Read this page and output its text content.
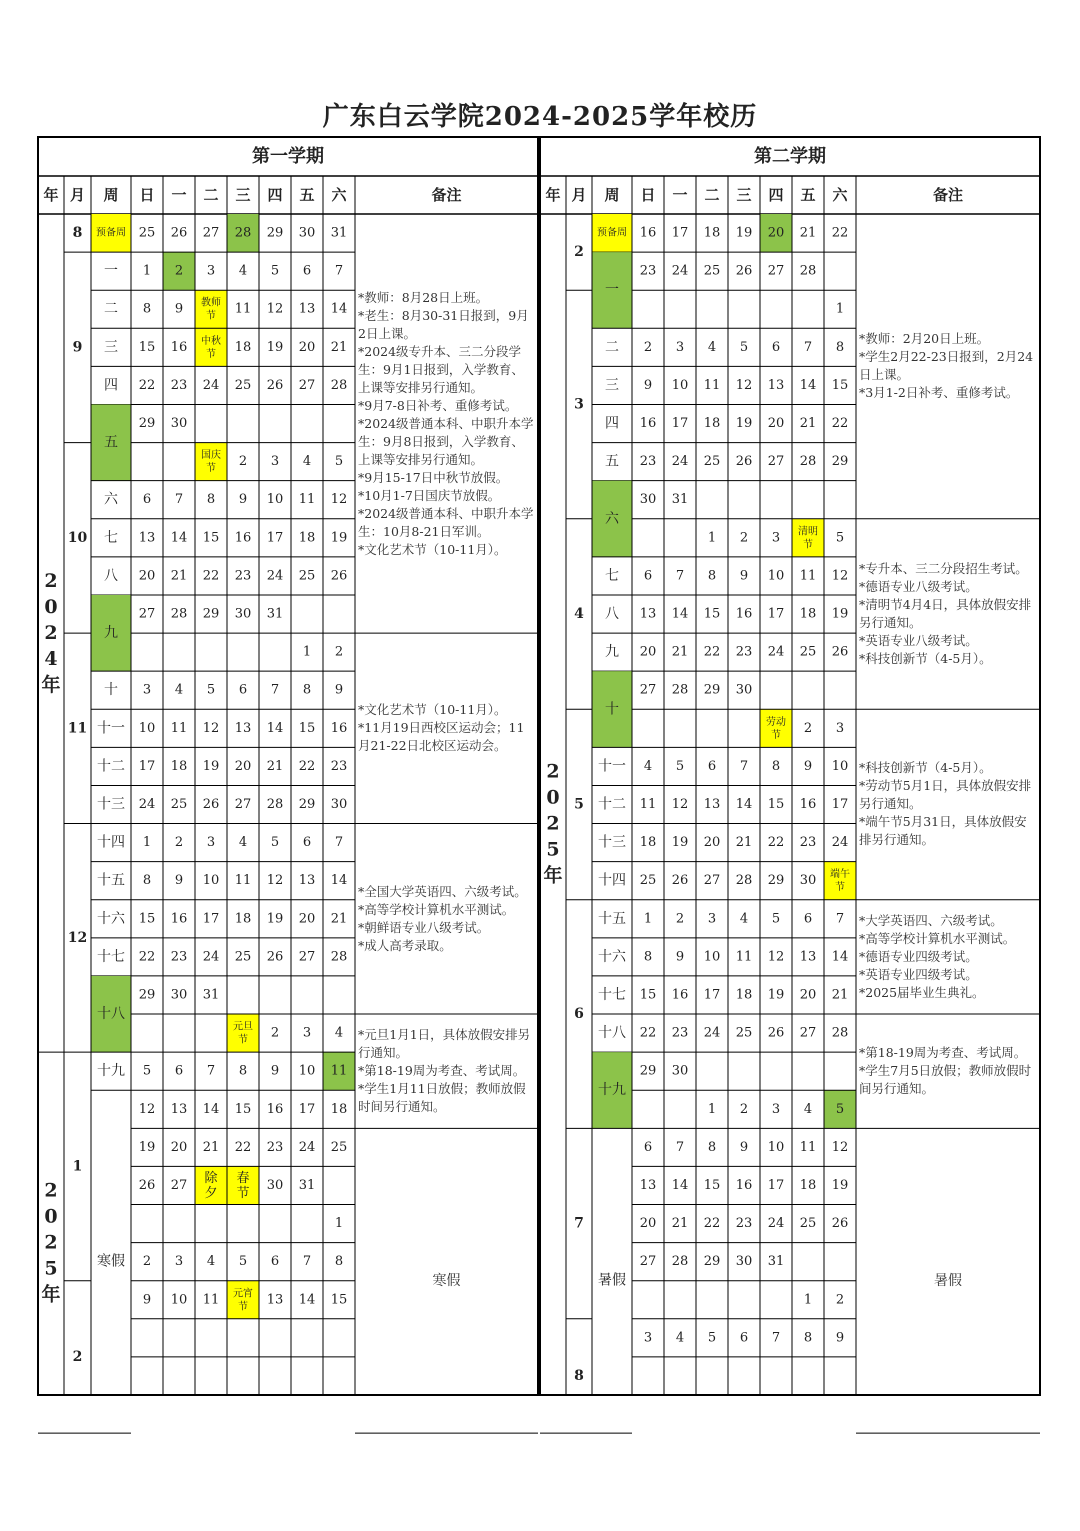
广东白云学院2024-2025学年校历
第一学期
年 月 周 日 一 二 三 四 五 六	备注
2
0
2
4
年
2
0
2
5
年
8
9
10
11
12
1
2
预备周
一
二
三
四
五
六
七
八
九
十
十一
十二
十三
十四
十五
十六
十七
十八
十九
寒假
25 26 27 28 29 30 31
1 2 3 4 5 6 7
8 9 教师
节 11 12 13 14
15 16 中秋
节 18 19 20 21
22 23 24 25 26 27 28
29 30
国庆
节 2 3 4 5
6 7 8 9 10 11 12
13 14 15 16 17 18 19
20 21 22 23 24 25 26
27 28 29 30 31
1 2
3 4 5 6 7 8 9
10 11 12 13 14 15 16
17 18 19 20 21 22 23
24 25 26 27 28 29 30
1 2 3 4 5 6 7
8 9 10 11 12 13 14
15 16 17 18 19 20 21
22 23 24 25 26 27 28
29 30 31
元旦
节 2 3 4
5 6 7 8 9 10 11
12 13 14 15 16 17 18
19 20 21 22 23 24 25
26 27 除
夕
春
节
30 31
1
2 3 4 5 6 7 8
9 10 11 元宵
节 13 14 15
第二学期
年 月 周 日 一 二 三 四 五 六	备注
2
0
2
5
年
2
3
4
5
6
7
8
预备周
一
二
三
四
五
六
七
八
九
十
十一
十二
十三
十四
十五
十六
十七
十八
十九
暑假
16 17 18 19 20 21 22
23 24 25 26 27 28
1
2 3 4 5 6 7 8
9 10 11 12 13 14 15
16 17 18 19 20 21 22
23 24 25 26 27 28 29
30 31
1 2 3 清明
节 5
6 7 8 9 10 11 12
13 14 15 16 17 18 19
20 21 22 23 24 25 26
27 28 29 30
劳动
节 2 3
4 5 6 7 8 9 10
11 12 13 14 15 16 17
18 19 20 21 22 23 24
25 26 27 28 29 30 端午
节
1 2 3 4 5 6 7
8 9 10 11 12 13 14
15 16 17 18 19 20 21
22 23 24 25 26 27 28
29 30
1 2 3 4 5
6 7 8 9 10 11 12
13 14 15 16 17 18 19
20 21 22 23 24 25 26
27 28 29 30 31
1 2
3 4 5 6 7 8 9
*教师：8月28日上班。
*老生：8月30-31日报到，9月2日上课。
*2024级专升本、三二分段学生：9月1日报到，入学教育、上课等安排另行通知。
*9月7-8日补考、重修考试。
*2024级普通本科、中职升本学生：9月8日报到，入学教育、上课等安排另行通知。
*9月15-17日中秋节放假。
*10月1-7日国庆节放假。
*2024级普通本科、中职升本学生：10月8-21日军训。
*文化艺术节（10-11月）。
*文化艺术节（10-11月）。
*11月19日西校区运动会；11月21-22日北校区运动会。
*全国大学英语四、六级考试。
*高等学校计算机水平测试。
*朝鲜语专业八级考试。
*成人高考录取。
*元旦1月1日，具体放假安排另行通知。
*第18-19周为考查、考试周。
*学生1月11日放假；教师放假时间另行通知。
寒假
*教师：2月20日上班。
*学生2月22-23日报到，2月24日上课。
*3月1-2日补考、重修考试。
*专升本、三二分段招生考试。
*德语专业八级考试。
*清明节4月4日，具体放假安排另行通知。
*英语专业八级考试。
*科技创新节（4-5月）。
*科技创新节（4-5月）。
*劳动节5月1日，具体放假安排另行通知。
*端午节5月31日，具体放假安排另行通知。
*大学英语四、六级考试。
*高等学校计算机水平测试。
*德语专业四级考试。
*英语专业四级考试。
*2025届毕业生典礼。
*第18-19周为考查、考试周。
*学生7月5日放假；教师放假时间另行通知。
暑假
